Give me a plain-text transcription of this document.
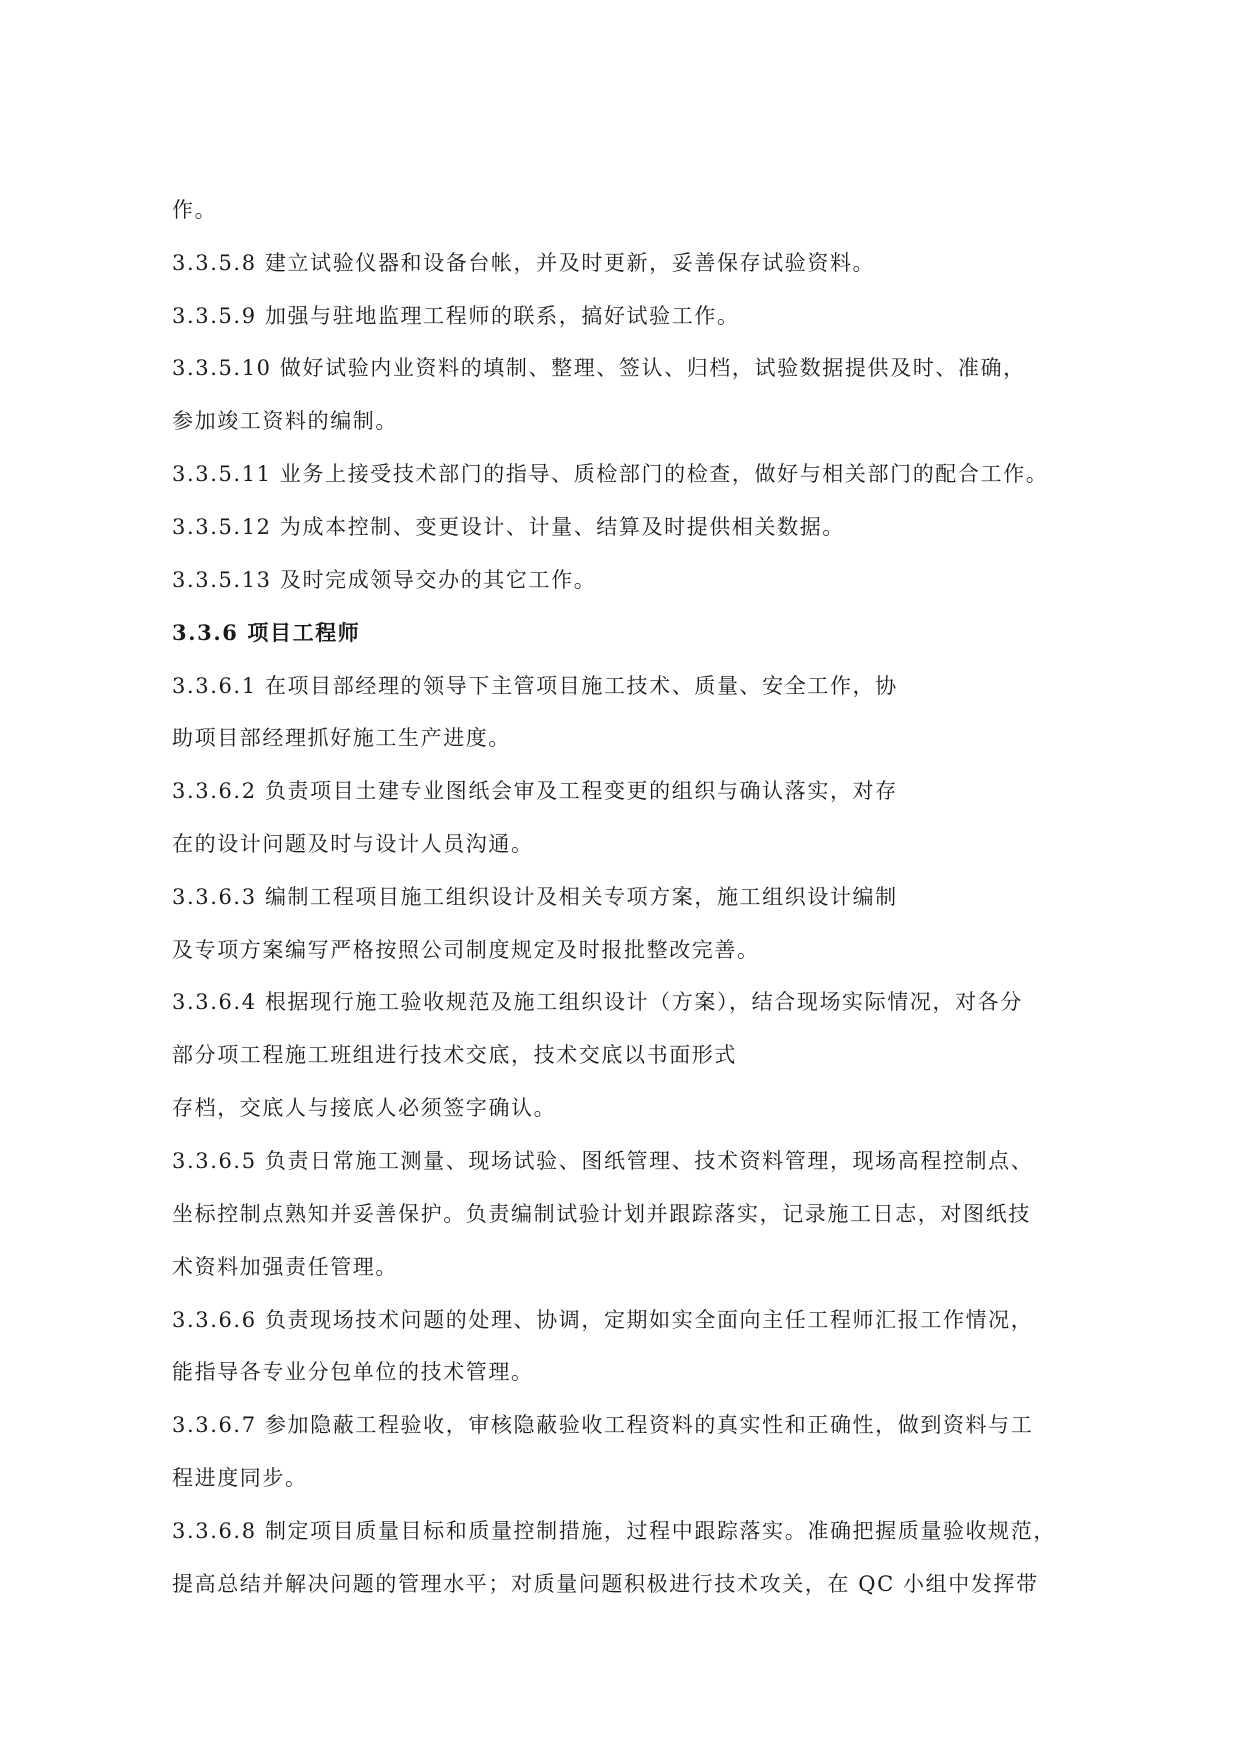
作。
3.3.5.8 建立试验仪器和设备台帐，并及时更新，妥善保存试验资料。
3.3.5.9 加强与驻地监理工程师的联系，搞好试验工作。
3.3.5.10 做好试验内业资料的填制、整理、签认、归档，试验数据提供及时、准确，
参加竣工资料的编制。
3.3.5.11 业务上接受技术部门的指导、质检部门的检查，做好与相关部门的配合工作。
3.3.5.12 为成本控制、变更设计、计量、结算及时提供相关数据。
3.3.5.13 及时完成领导交办的其它工作。
3.3.6 项目工程师
3.3.6.1 在项目部经理的领导下主管项目施工技术、质量、安全工作，协
助项目部经理抓好施工生产进度。
3.3.6.2 负责项目土建专业图纸会审及工程变更的组织与确认落实，对存
在的设计问题及时与设计人员沟通。
3.3.6.3 编制工程项目施工组织设计及相关专项方案，施工组织设计编制
及专项方案编写严格按照公司制度规定及时报批整改完善。
3.3.6.4 根据现行施工验收规范及施工组织设计（方案），结合现场实际情况，对各分
部分项工程施工班组进行技术交底，技术交底以书面形式
存档，交底人与接底人必须签字确认。
3.3.6.5 负责日常施工测量、现场试验、图纸管理、技术资料管理，现场高程控制点、
坐标控制点熟知并妥善保护。负责编制试验计划并跟踪落实，记录施工日志，对图纸技
术资料加强责任管理。
3.3.6.6 负责现场技术问题的处理、协调，定期如实全面向主任工程师汇报工作情况，
能指导各专业分包单位的技术管理。
3.3.6.7 参加隐蔽工程验收，审核隐蔽验收工程资料的真实性和正确性，做到资料与工
程进度同步。
3.3.6.8 制定项目质量目标和质量控制措施，过程中跟踪落实。准确把握质量验收规范，
提高总结并解决问题的管理水平；对质量问题积极进行技术攻关，在 QC 小组中发挥带
